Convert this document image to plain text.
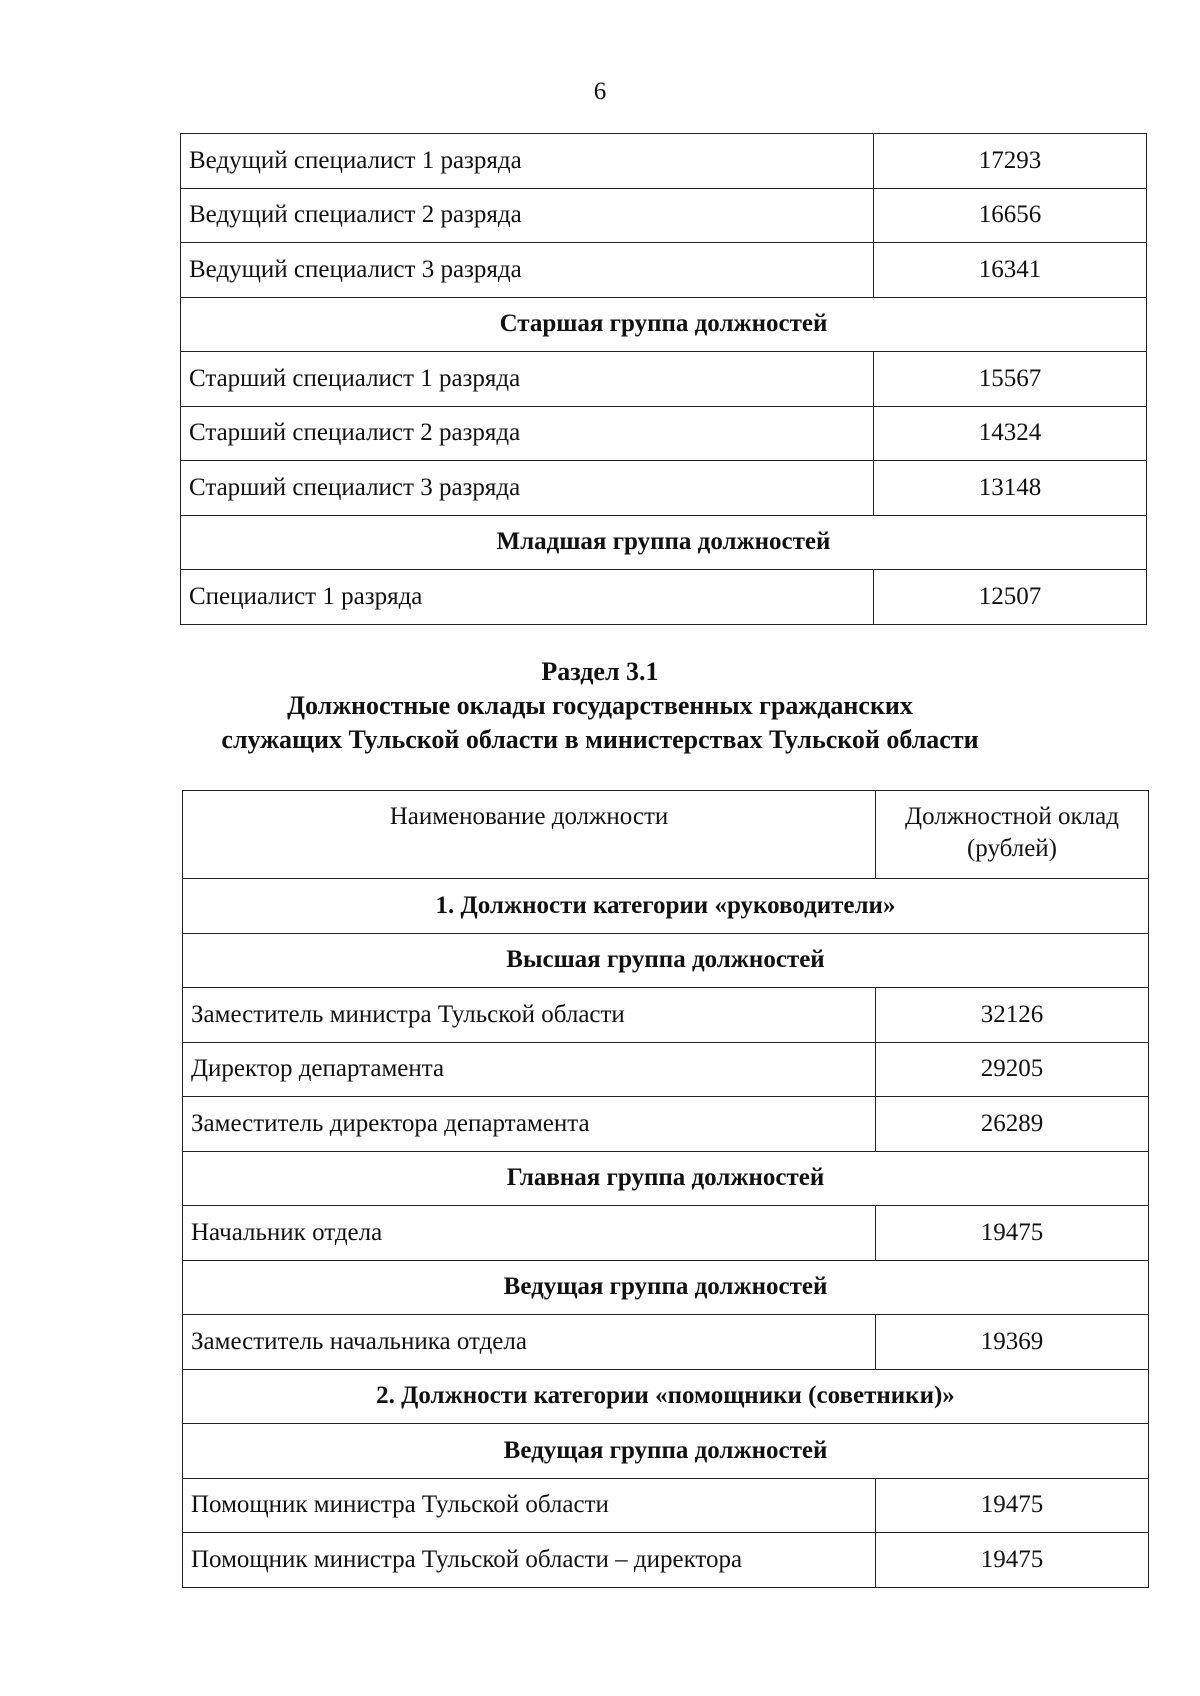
6
Ведущий специалист 1 разряда	17293
Ведущий специалист 2 разряда	16656
Ведущий специалист 3 разряда	16341
Старшая группа должностей	
Старший специалист 1 разряда	15567
Старший специалист 2 разряда	14324
Старший специалист 3 разряда	13148
Младшая группа должностей	
Специалист 1 разряда	12507
Раздел 3.1
Должностные оклады государственных гражданских
служащих Тульской области в министерствах Тульской области
Наименование должности	Должностной оклад
(рублей)

1. Должности категории «руководители»	
Высшая группа должностей	
Заместитель министра Тульской области	32126
Директор департамента	29205
Заместитель директора департамента	26289
Главная группа должностей	
Начальник отдела	19475
Ведущая группа должностей	
Заместитель начальника отдела	19369
2. Должности категории «помощники (советники)»	
Ведущая группа должностей	
Помощник министра Тульской области	19475
Помощник министра Тульской области – директора	19475
